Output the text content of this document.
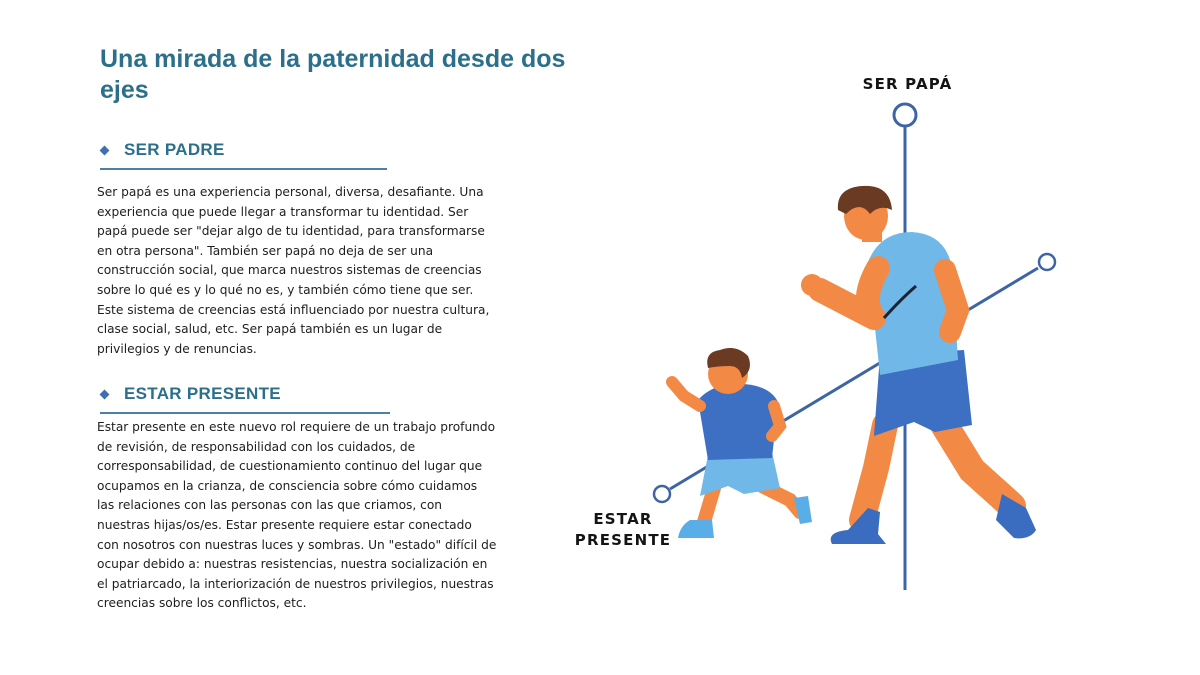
Una mirada de la paternidad desde dos ejes
SER PADRE

Ser papá es una experiencia personal, diversa, desafiante. Una experiencia que puede llegar a transformar tu identidad. Ser papá puede ser "dejar algo de tu identidad, para transformarse en otra persona". También ser papá no deja de ser una construcción social, que marca nuestros sistemas de creencias sobre lo qué es y lo qué no es, y también cómo tiene que ser. Este sistema de creencias está influenciado por nuestra cultura, clase social, salud, etc. Ser papá también es un lugar de privilegios y de renuncias.

ESTAR PRESENTE

Estar presente en este nuevo rol requiere de un trabajo profundo de revisión, de responsabilidad con los cuidados, de corresponsabilidad, de cuestionamiento continuo del lugar que ocupamos en la crianza, de consciencia sobre cómo cuidamos las relaciones con las personas con las que criamos, con nuestras hijas/os/es. Estar presente requiere estar conectado con nosotros con nuestras luces y sombras. Un "estado" difícil de ocupar debido a: nuestras resistencias, nuestra socialización en el patriarcado, la interiorización de nuestros privilegios, nuestras creencias sobre los conflictos, etc.

SER PAPÁ
ESTAR PRESENTE
